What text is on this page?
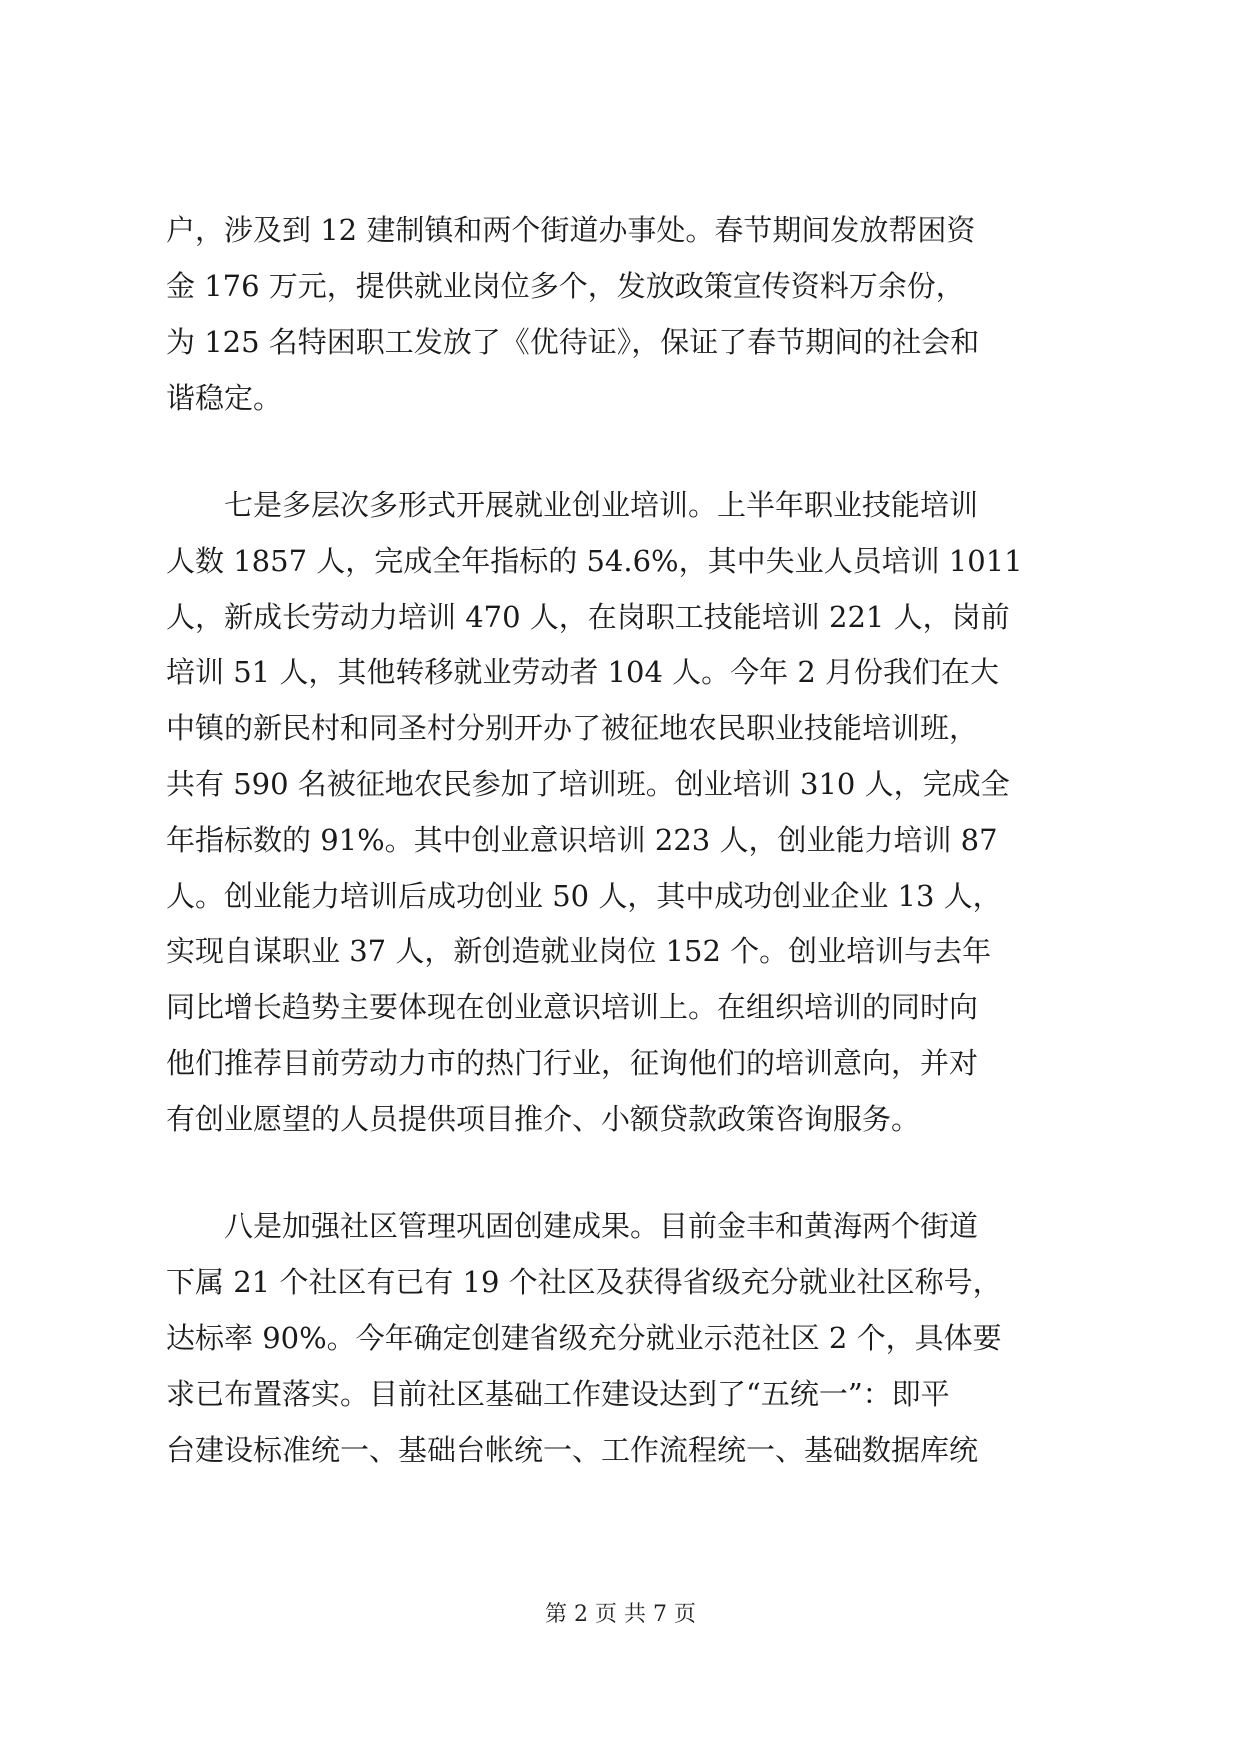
户，涉及到 12 建制镇和两个街道办事处。春节期间发放帮困资
金 176 万元，提供就业岗位多个，发放政策宣传资料万余份，
为 125 名特困职工发放了《优待证》，保证了春节期间的社会和
谐稳定。
　　七是多层次多形式开展就业创业培训。上半年职业技能培训
人数 1857 人，完成全年指标的 54.6%，其中失业人员培训 1011
人，新成长劳动力培训 470 人，在岗职工技能培训 221 人，岗前
培训 51 人，其他转移就业劳动者 104 人。今年 2 月份我们在大
中镇的新民村和同圣村分别开办了被征地农民职业技能培训班，
共有 590 名被征地农民参加了培训班。创业培训 310 人，完成全
年指标数的 91%。其中创业意识培训 223 人，创业能力培训 87
人。创业能力培训后成功创业 50 人，其中成功创业企业 13 人，
实现自谋职业 37 人，新创造就业岗位 152 个。创业培训与去年
同比增长趋势主要体现在创业意识培训上。在组织培训的同时向
他们推荐目前劳动力市的热门行业，征询他们的培训意向，并对
有创业愿望的人员提供项目推介、小额贷款政策咨询服务。
　　八是加强社区管理巩固创建成果。目前金丰和黄海两个街道
下属 21 个社区有已有 19 个社区及获得省级充分就业社区称号，
达标率 90%。今年确定创建省级充分就业示范社区 2 个，具体要
求已布置落实。目前社区基础工作建设达到了“五统一”：即平
台建设标准统一、基础台帐统一、工作流程统一、基础数据库统
第 2 页 共 7 页
